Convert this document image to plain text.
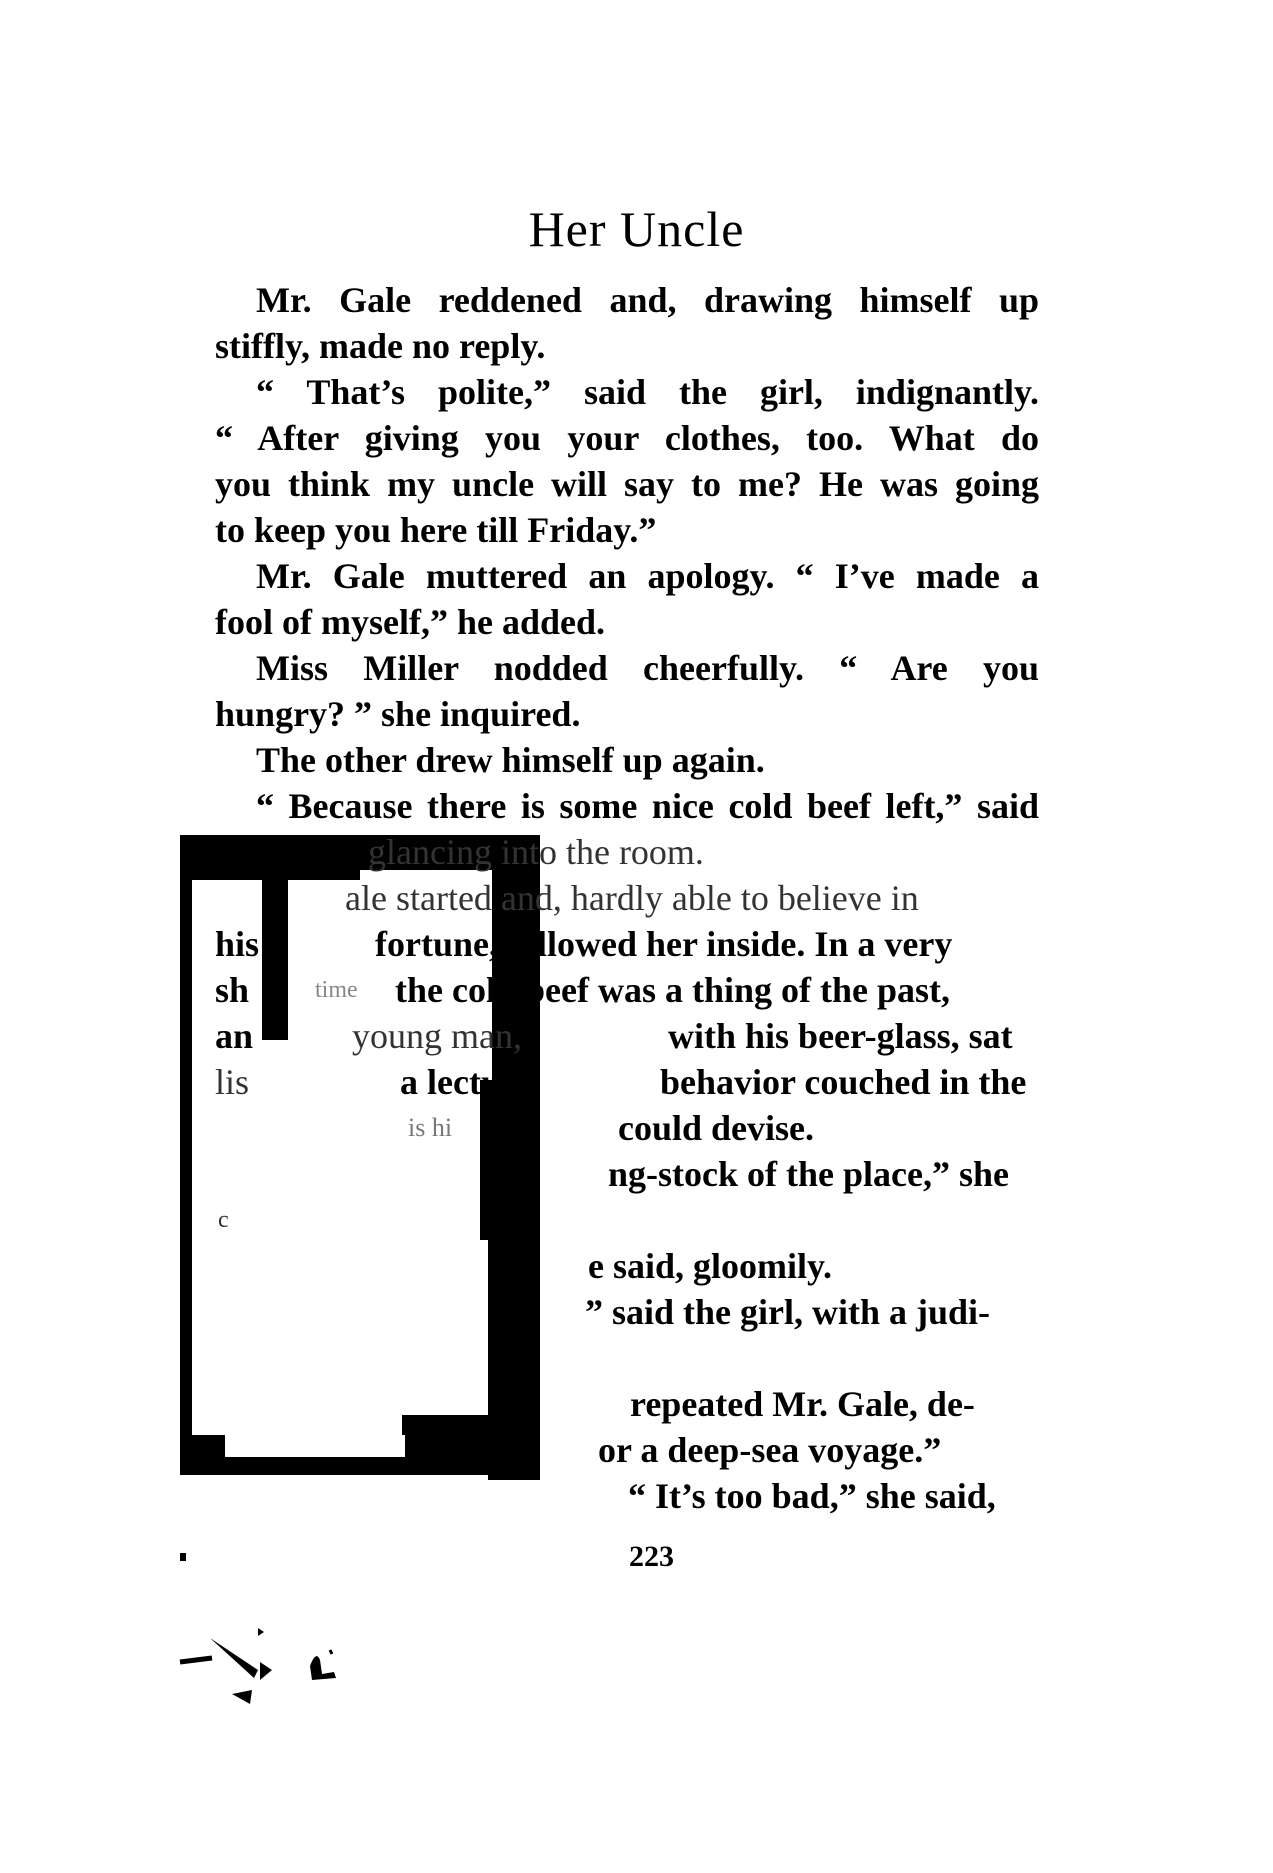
Her Uncle
Mr. Gale reddened and, drawing himself up
stiffly, made no reply.
“ That’s polite,” said the girl, indignantly.
“ After giving you your clothes, too. What do
you think my uncle will say to me? He was going
to keep you here till Friday.”
Mr. Gale muttered an apology. “ I’ve made a
fool of myself,” he added.
Miss Miller nodded cheerfully. “ Are you
hungry? ” she inquired.
The other drew himself up again.
“ Because there is some nice cold beef left,” said
glancing into the room.
ale started and, hardly able to believe in
his	fortune, followed her inside. In a very
sh	time the cold beef was a thing of the past,
an	young man,	with his beer-glass, sat
lis	a lectur	behavior couched in the
is hi	could devise.
ng-stock of the place,” she
c
e said, gloomily.
” said the girl, with a judi-
repeated Mr. Gale, de-
or a deep-sea voyage.”
“ It’s too bad,” she said,
223
